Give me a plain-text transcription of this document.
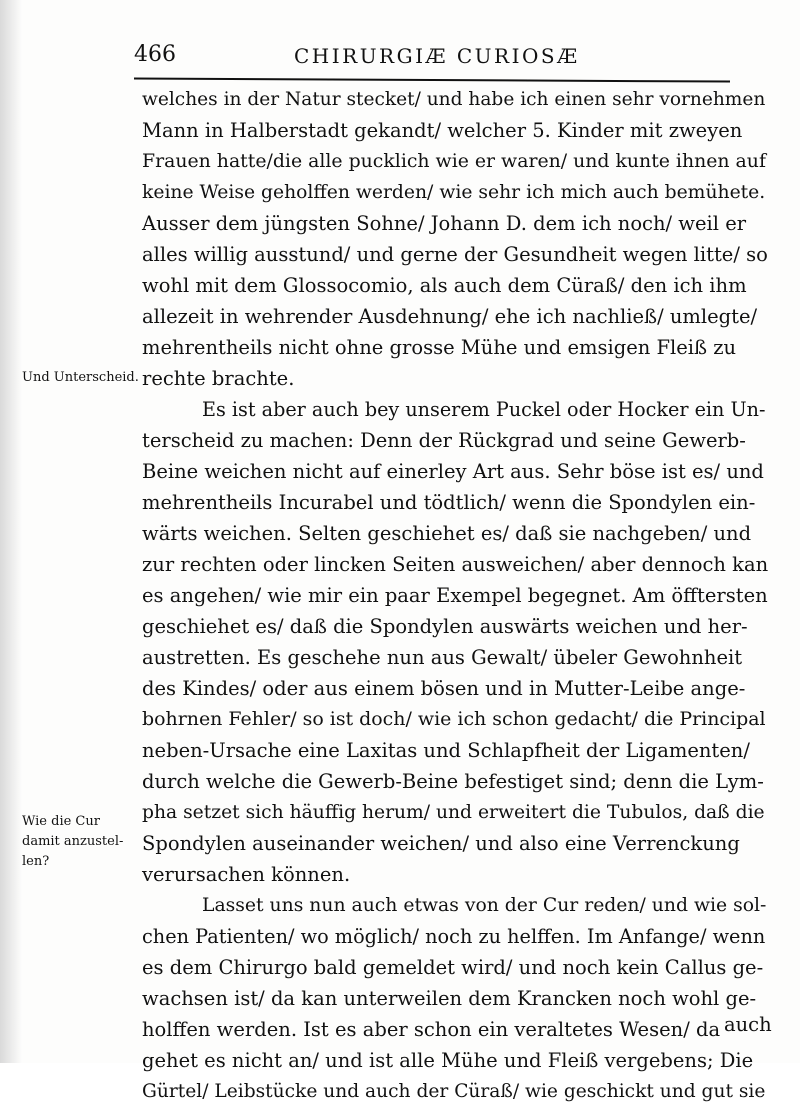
466	CHIRURGIÆ CURIOSÆ
Und Unterscheid.
Wie die Cur
damit anzustel-
len?
welches in der Natur stecket/ und habe ich einen sehr vornehmen
Mann in Halberstadt gekandt/ welcher 5. Kinder mit zweyen
Frauen hatte/die alle pucklich wie er waren/ und kunte ihnen auf
keine Weise geholffen werden/ wie sehr ich mich auch bemühete.
Ausser dem jüngsten Sohne/ Johann D. dem ich noch/ weil er
alles willig ausstund/ und gerne der Gesundheit wegen litte/ so
wohl mit dem Glossocomio, als auch dem Cüraß/ den ich ihm
allezeit in wehrender Ausdehnung/ ehe ich nachließ/ umlegte/
mehrentheils nicht ohne grosse Mühe und emsigen Fleiß zu
rechte brachte.
Es ist aber auch bey unserem Puckel oder Hocker ein Un-
terscheid zu machen: Denn der Rückgrad und seine Gewerb-
Beine weichen nicht auf einerley Art aus. Sehr böse ist es/ und
mehrentheils Incurabel und tödtlich/ wenn die Spondylen ein-
wärts weichen. Selten geschiehet es/ daß sie nachgeben/ und
zur rechten oder lincken Seiten ausweichen/ aber dennoch kan
es angehen/ wie mir ein paar Exempel begegnet. Am öfftersten
geschiehet es/ daß die Spondylen auswärts weichen und her-
austretten. Es geschehe nun aus Gewalt/ übeler Gewohnheit
des Kindes/ oder aus einem bösen und in Mutter-Leibe ange-
bohrnen Fehler/ so ist doch/ wie ich schon gedacht/ die Principal
neben-Ursache eine Laxitas und Schlapfheit der Ligamenten/
durch welche die Gewerb-Beine befestiget sind; denn die Lym-
pha setzet sich häuffig herum/ und erweitert die Tubulos, daß die
Spondylen auseinander weichen/ und also eine Verrenckung
verursachen können.
Lasset uns nun auch etwas von der Cur reden/ und wie sol-
chen Patienten/ wo möglich/ noch zu helffen. Im Anfange/ wenn
es dem Chirurgo bald gemeldet wird/ und noch kein Callus ge-
wachsen ist/ da kan unterweilen dem Krancken noch wohl ge-
holffen werden. Ist es aber schon ein veraltetes Wesen/ da
gehet es nicht an/ und ist alle Mühe und Fleiß vergebens; Die
Gürtel/ Leibstücke und auch der Cüraß/ wie geschickt und gut sie
auch
